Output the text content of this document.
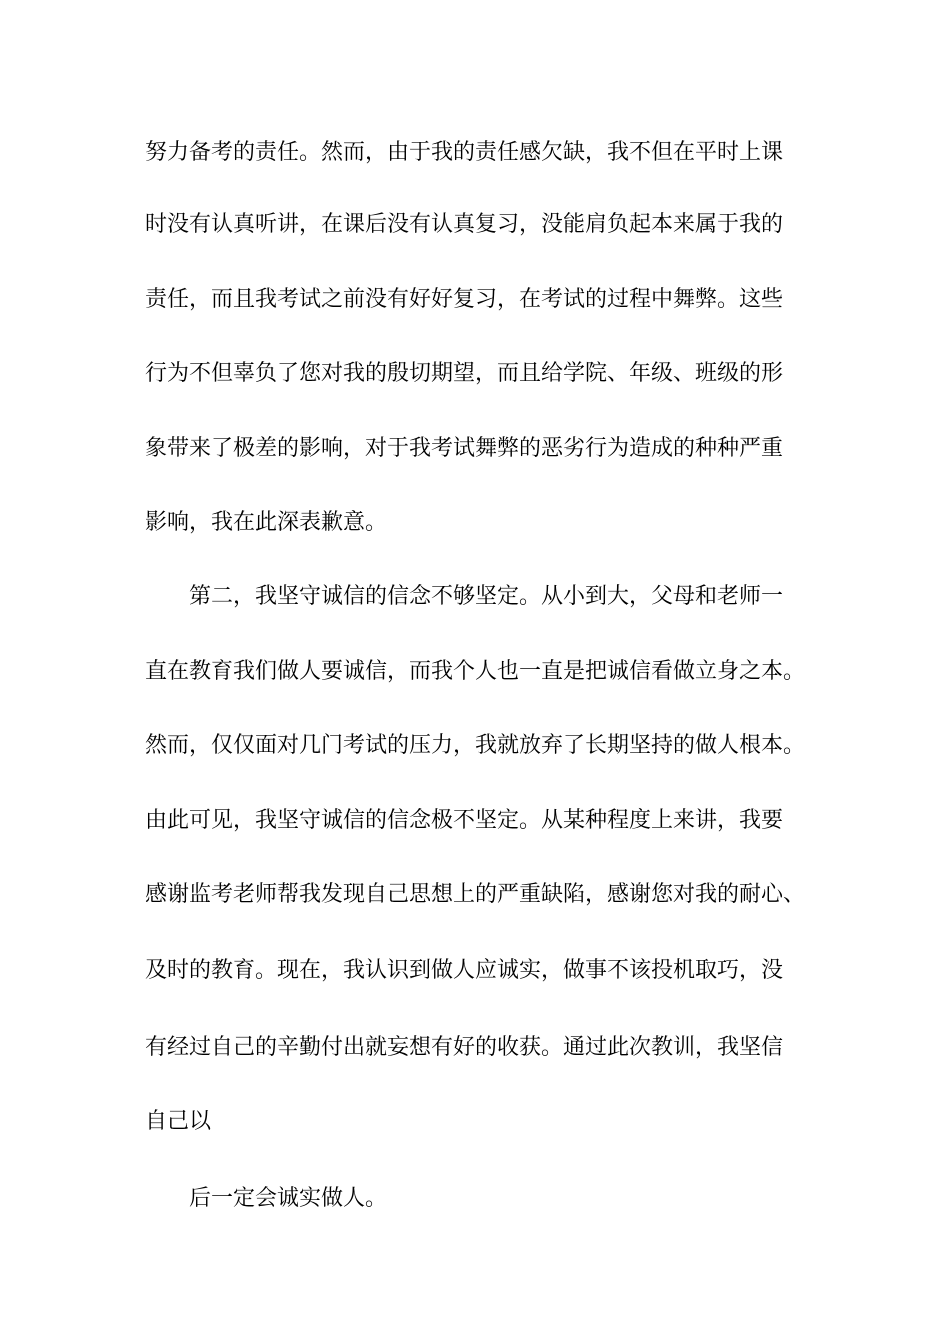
努力备考的责任。然而，由于我的责任感欠缺，我不但在平时上课
时没有认真听讲，在课后没有认真复习，没能肩负起本来属于我的
责任，而且我考试之前没有好好复习，在考试的过程中舞弊。这些
行为不但辜负了您对我的殷切期望，而且给学院、年级、班级的形
象带来了极差的影响，对于我考试舞弊的恶劣行为造成的种种严重
影响，我在此深表歉意。
第二，我坚守诚信的信念不够坚定。从小到大，父母和老师一
直在教育我们做人要诚信，而我个人也一直是把诚信看做立身之本。
然而，仅仅面对几门考试的压力，我就放弃了长期坚持的做人根本。
由此可见，我坚守诚信的信念极不坚定。从某种程度上来讲，我要
感谢监考老师帮我发现自己思想上的严重缺陷，感谢您对我的耐心、
及时的教育。现在，我认识到做人应诚实，做事不该投机取巧，没
有经过自己的辛勤付出就妄想有好的收获。通过此次教训，我坚信
自己以
后一定会诚实做人。
